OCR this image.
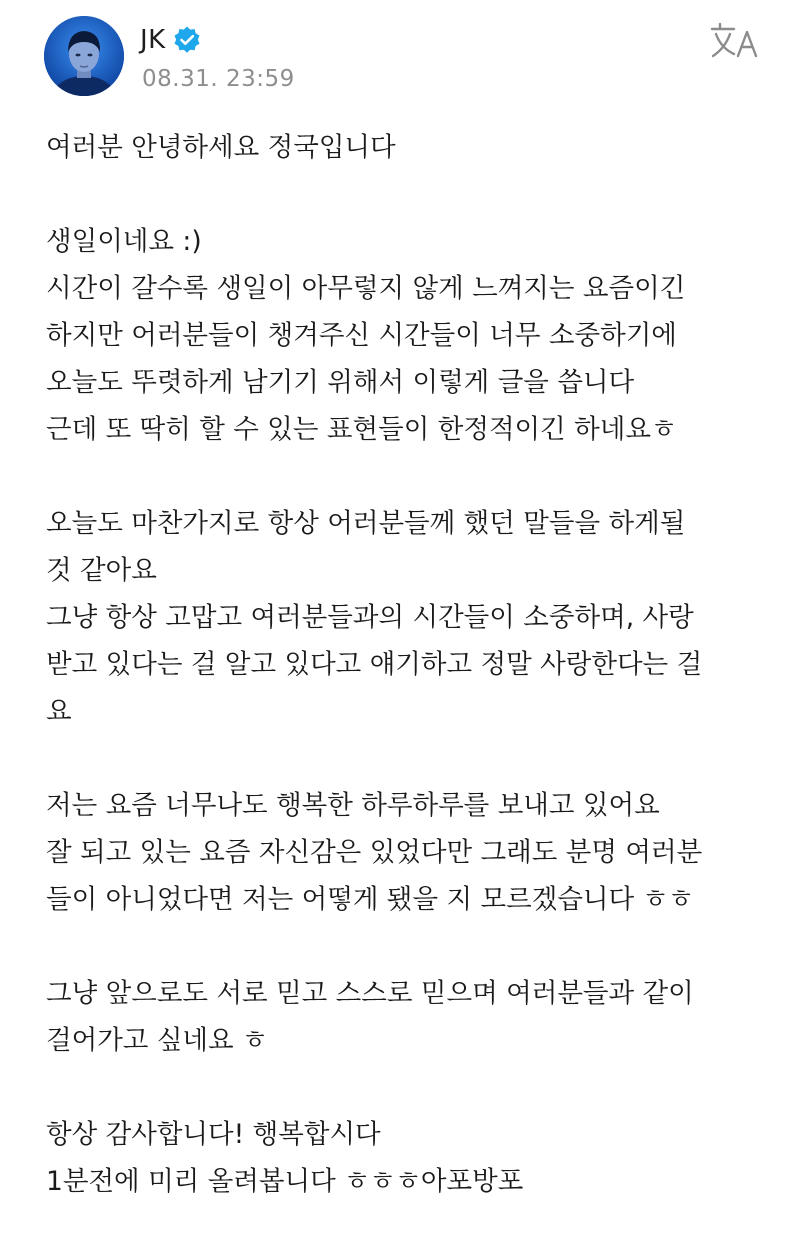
JK
08.31. 23:59

여러분 안녕하세요 정국입니다

생일이네요 :)
시간이 갈수록 생일이 아무렇지 않게 느껴지는 요즘이긴
하지만 어러분들이 챙겨주신 시간들이 너무 소중하기에
오늘도 뚜렷하게 남기기 위해서 이렇게 글을 씁니다
근데 또 딱히 할 수 있는 표현들이 한정적이긴 하네요ㅎ

오늘도 마찬가지로 항상 어러분들께 했던 말들을 하게될
것 같아요
그냥 항상 고맙고 여러분들과의 시간들이 소중하며, 사랑
받고 있다는 걸 알고 있다고 얘기하고 정말 사랑한다는 걸
요

저는 요즘 너무나도 행복한 하루하루를 보내고 있어요
잘 되고 있는 요즘 자신감은 있었다만 그래도 분명 여러분
들이 아니었다면 저는 어떻게 됐을 지 모르겠습니다 ㅎㅎ

그냥 앞으로도 서로 믿고 스스로 믿으며 여러분들과 같이
걸어가고 싶네요 ㅎ

항상 감사합니다! 행복합시다
1분전에 미리 올려봅니다 ㅎㅎㅎ아포방포
